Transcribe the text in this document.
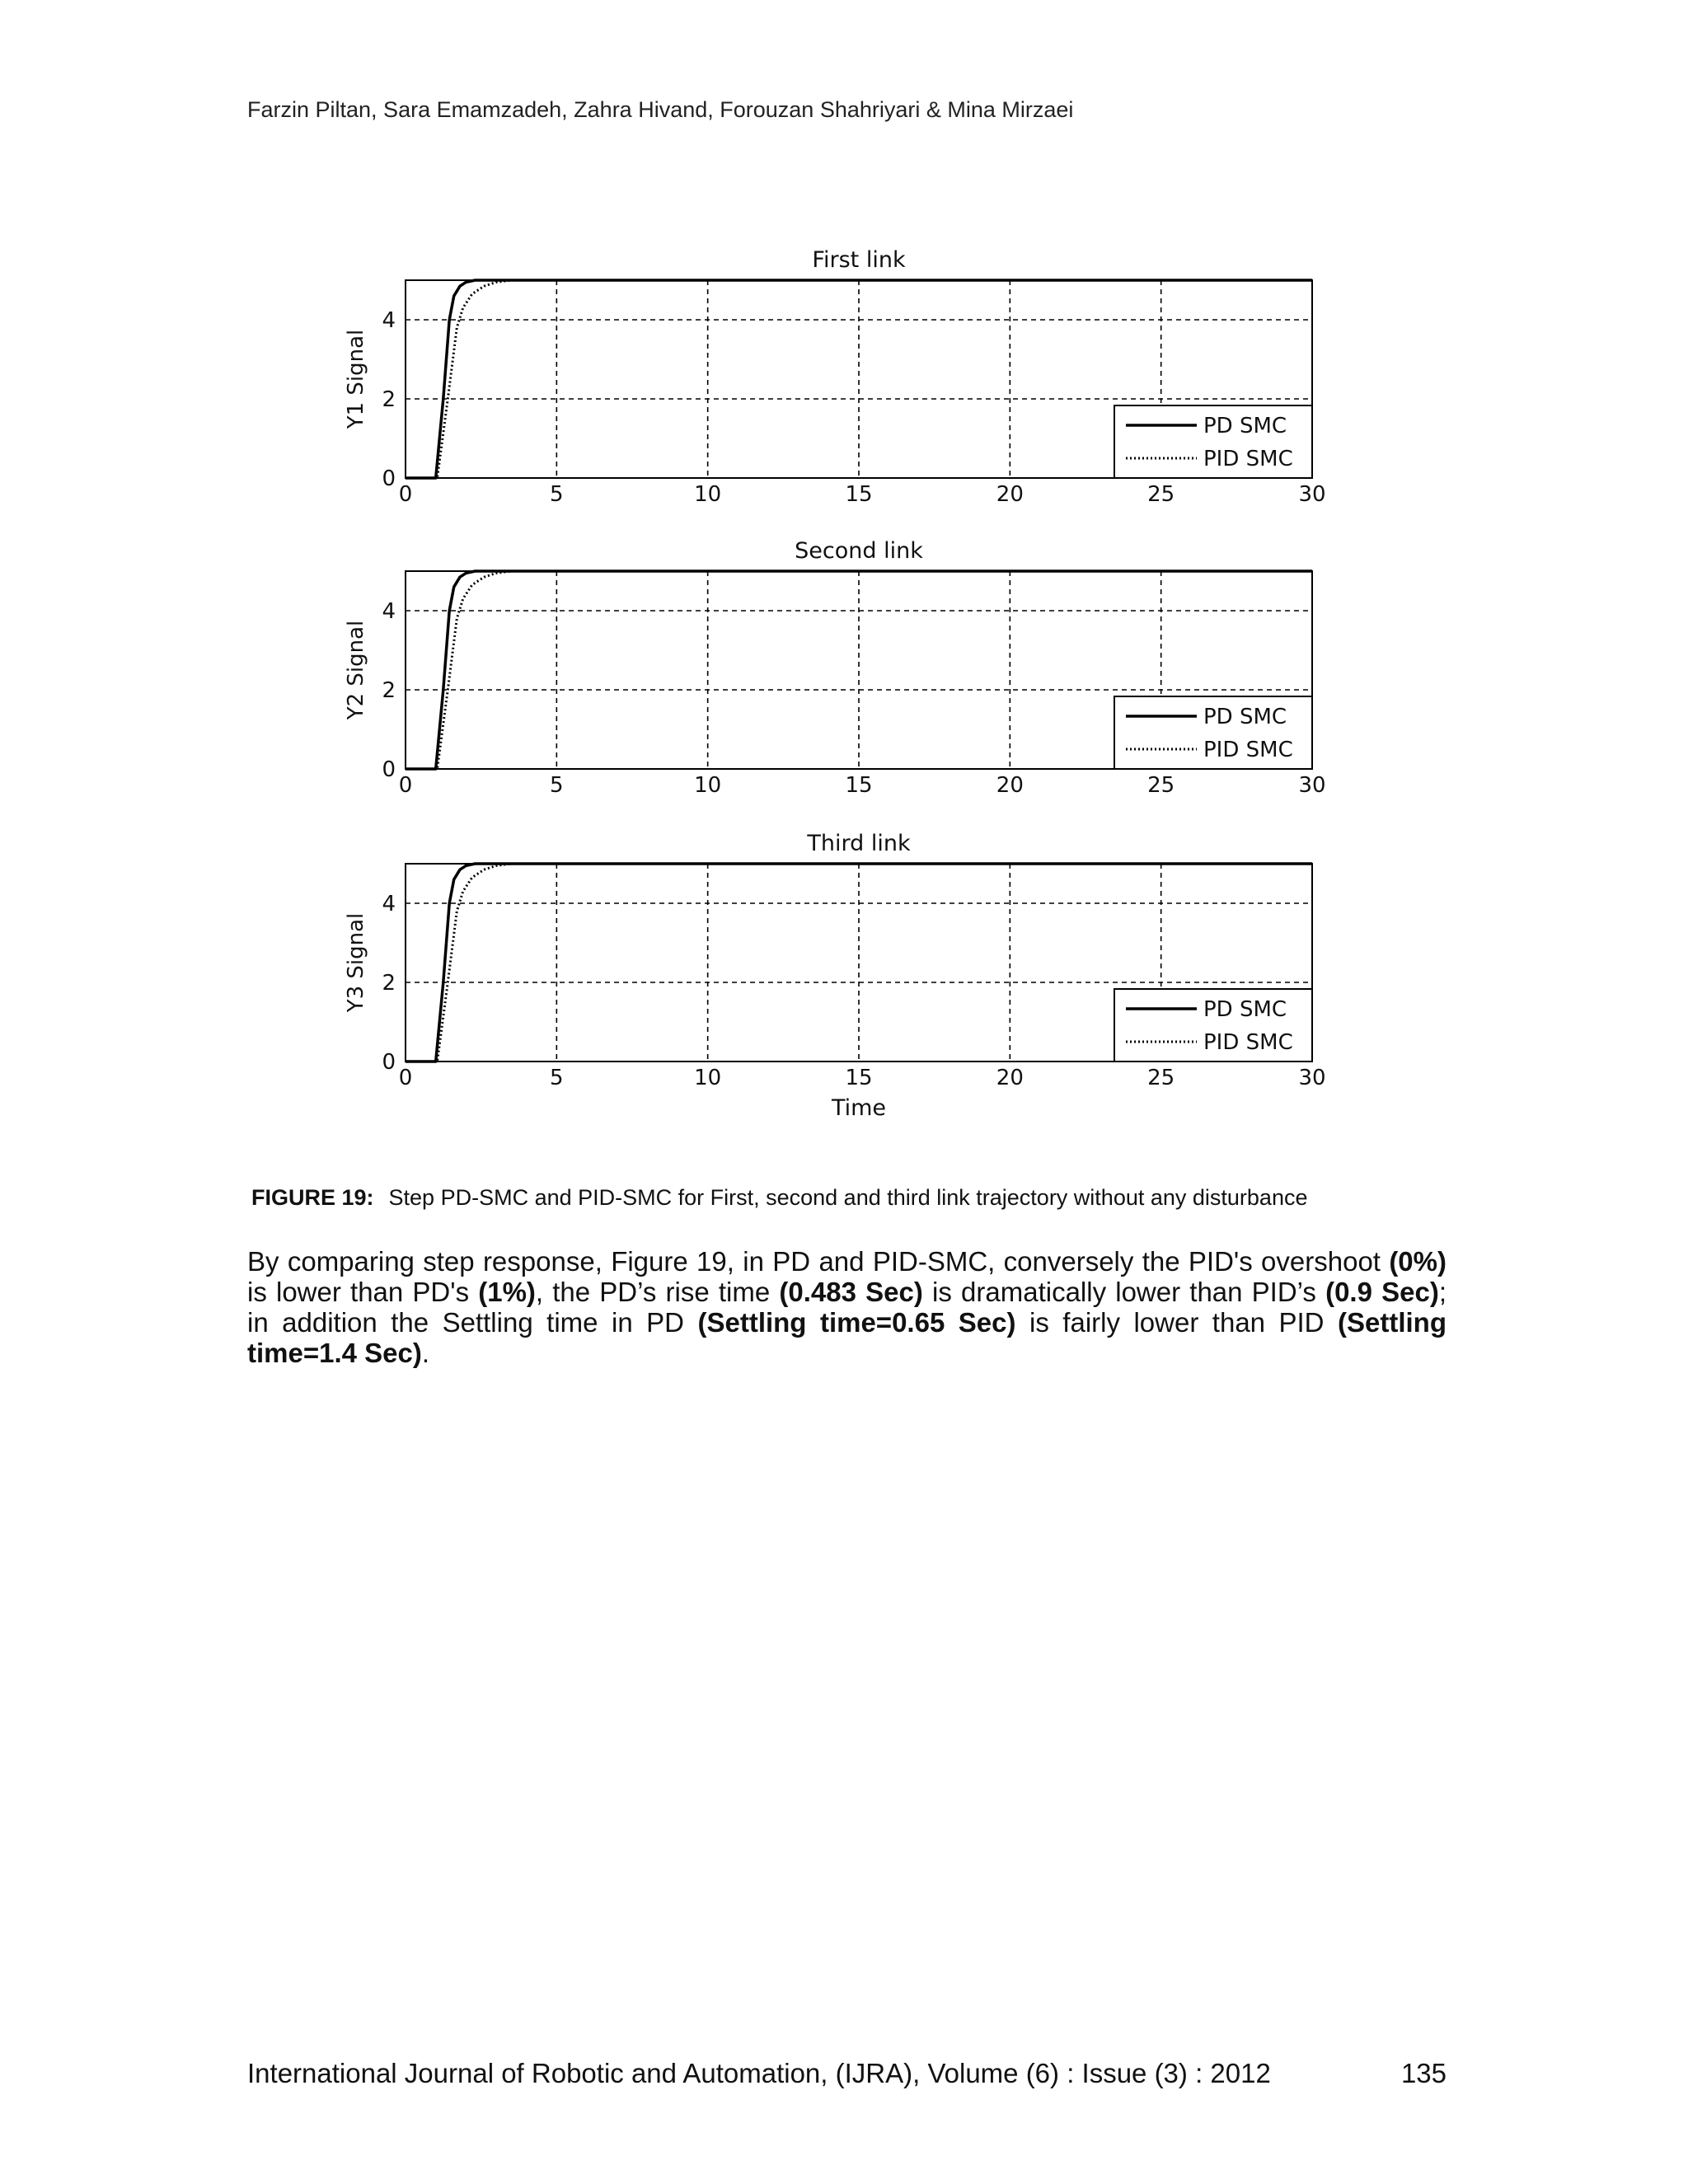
Farzin Piltan, Sara Emamzadeh, Zahra Hivand, Forouzan Shahriyari & Mina Mirzaei
0	5	10	15	20	25	30
0
2
4
First link
Y1 Signal	PD SMC
PID SMC
0	5	10	15	20	25	30
0
2
4
Second link
Y2 Signal	PD SMC
PID SMC
0	5	10	15	20	25	30
0
2
4
Third link
Y3 Signal
Time
PD SMC
PID SMC
FIGURE 19: Step PD-SMC and PID-SMC for First, second and third link trajectory without any disturbance
By comparing step response, Figure 19, in PD and PID-SMC, conversely the PID's overshoot (0%) is lower than PD's (1%), the PD’s rise time (0.483 Sec) is dramatically lower than PID’s (0.9 Sec); in addition the Settling time in PD (Settling time=0.65 Sec) is fairly lower than PID (Settling time=1.4 Sec).
International Journal of Robotic and Automation, (IJRA), Volume (6) : Issue (3) : 2012	135
